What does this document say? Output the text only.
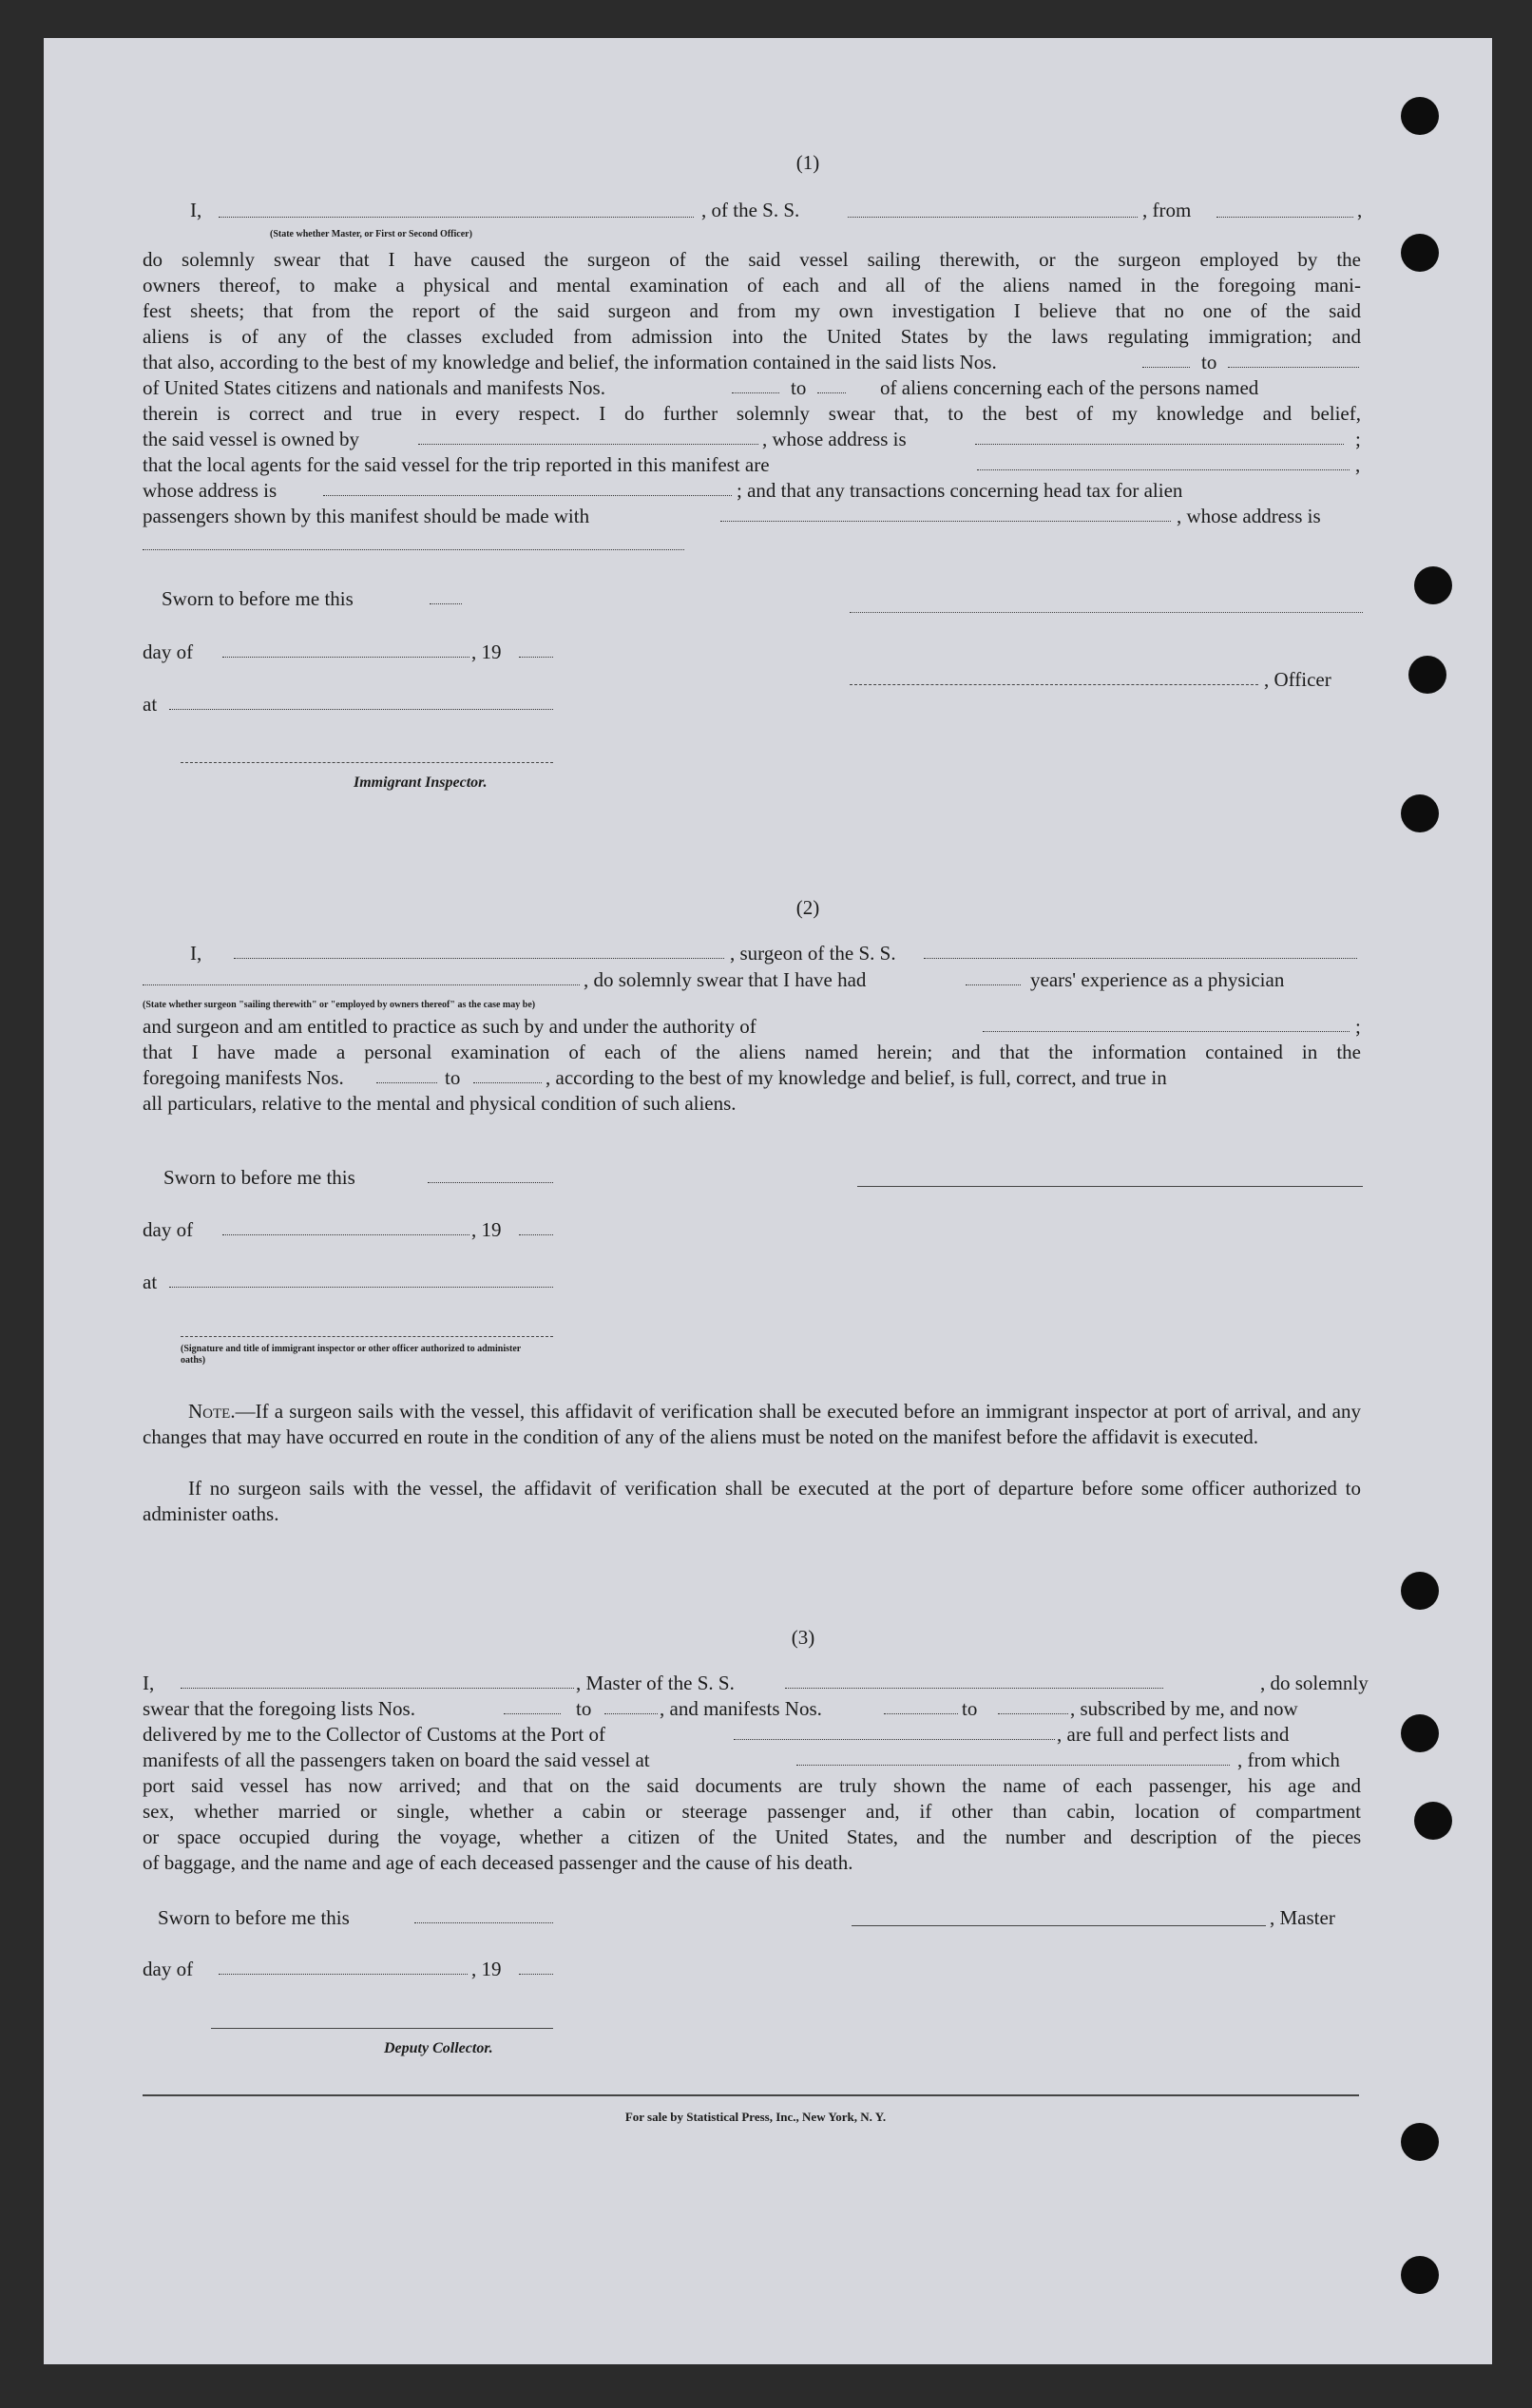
(1)
I,	, of the S. S.	, from	,
(State whether Master, or First or Second Officer)
do solemnly swear that I have caused the surgeon of the said vessel sailing therewith, or the surgeon employed by the
owners thereof, to make a physical and mental examination of each and all of the aliens named in the foregoing mani-
fest sheets; that from the report of the said surgeon and from my own investigation I believe that no one of the said
aliens is of any of the classes excluded from admission into the United States by the laws regulating immigration; and
that also, according to the best of my knowledge and belief, the information contained in the said lists Nos.	to
of United States citizens and nationals and manifests Nos.	to	of aliens concerning each of the persons named
therein is correct and true in every respect. I do further solemnly swear that, to the best of my knowledge and belief,
the said vessel is owned by	, whose address is	;
that the local agents for the said vessel for the trip reported in this manifest are	,
whose address is	; and that any transactions concerning head tax for alien
passengers shown by this manifest should be made with	, whose address is
Sworn to before me this
day of	, 19
, Officer
at
Immigrant Inspector.
(2)
I,	, surgeon of the S. S.
, do solemnly swear that I have had	years' experience as a physician
(State whether surgeon "sailing therewith" or "employed by owners thereof" as the case may be)
and surgeon and am entitled to practice as such by and under the authority of	;
that I have made a personal examination of each of the aliens named herein; and that the information contained in the
foregoing manifests Nos.	to	, according to the best of my knowledge and belief, is full, correct, and true in
all particulars, relative to the mental and physical condition of such aliens.
Sworn to before me this
day of	, 19
at
(Signature and title of immigrant inspector or other officer authorized to administer oaths)
Note.—If a surgeon sails with the vessel, this affidavit of verification shall be executed before an immigrant inspector at port of arrival, and any changes that may have occurred en route in the condition of any of the aliens must be noted on the manifest before the affidavit is executed.
If no surgeon sails with the vessel, the affidavit of verification shall be executed at the port of departure before some officer authorized to administer oaths.
(3)
I,	, Master of the S. S.	, do solemnly
swear that the foregoing lists Nos.	to	, and manifests Nos.	to	, subscribed by me, and now
delivered by me to the Collector of Customs at the Port of	, are full and perfect lists and
manifests of all the passengers taken on board the said vessel at	, from which
port said vessel has now arrived; and that on the said documents are truly shown the name of each passenger, his age and
sex, whether married or single, whether a cabin or steerage passenger and, if other than cabin, location of compartment
or space occupied during the voyage, whether a citizen of the United States, and the number and description of the pieces
of baggage, and the name and age of each deceased passenger and the cause of his death.
Sworn to before me this	, Master
day of	, 19
Deputy Collector.
For sale by Statistical Press, Inc., New York, N. Y.
